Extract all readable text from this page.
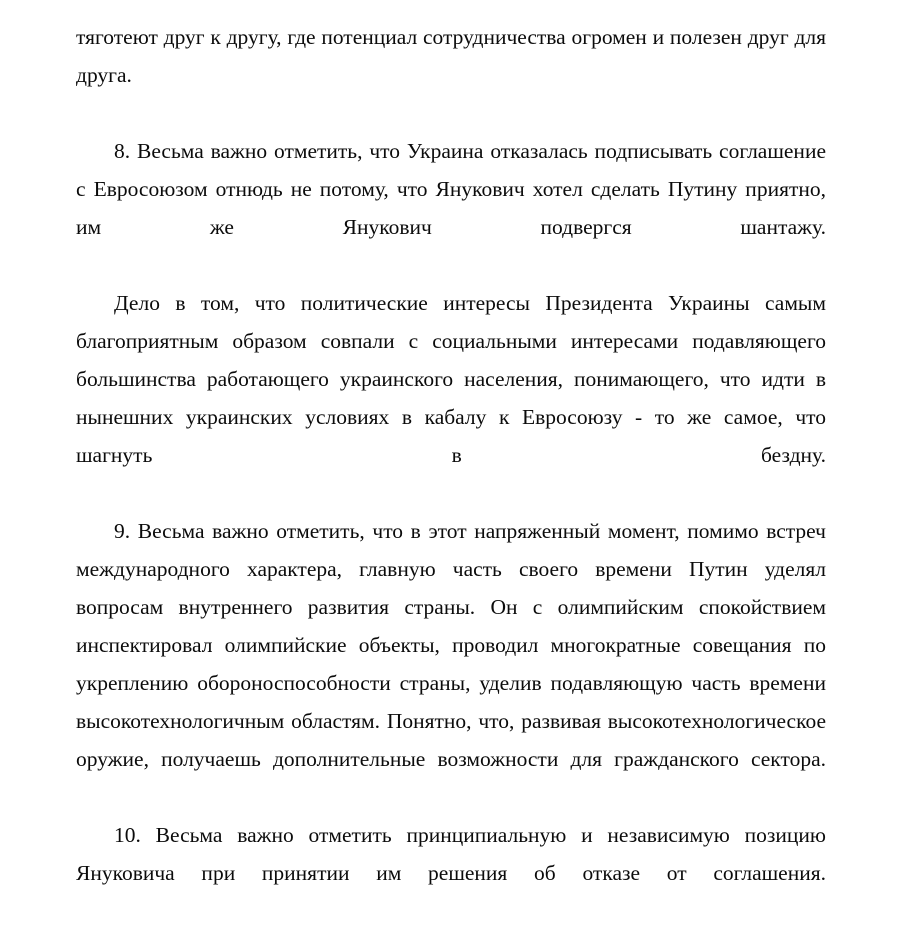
тяготеют друг к другу, где потенциал сотрудничества огромен и полезен друг для друга.

8. Весьма важно отметить, что Украина отказалась подписывать соглашение с Евросоюзом отнюдь не потому, что Янукович хотел сделать Путину приятно, им же Янукович подвергся шантажу.

Дело в том, что политические интересы Президента Украины самым благоприятным образом совпали с социальными интересами подавляющего большинства работающего украинского населения, понимающего, что идти в нынешних украинских условиях в кабалу к Евросоюзу - то же самое, что шагнуть в бездну.

9. Весьма важно отметить, что в этот напряженный момент, помимо встреч международного характера, главную часть своего времени Путин уделял вопросам внутреннего развития страны. Он с олимпийским спокойствием инспектировал олимпийские объекты, проводил многократные совещания по укреплению обороноспособности страны, уделив подавляющую часть времени высокотехнологичным областям. Понятно, что, развивая высокотехнологическое оружие, получаешь дополнительные возможности для гражданского сектора.

10. Весьма важно отметить принципиальную и независимую позицию Януковича при принятии им решения об отказе от соглашения.
